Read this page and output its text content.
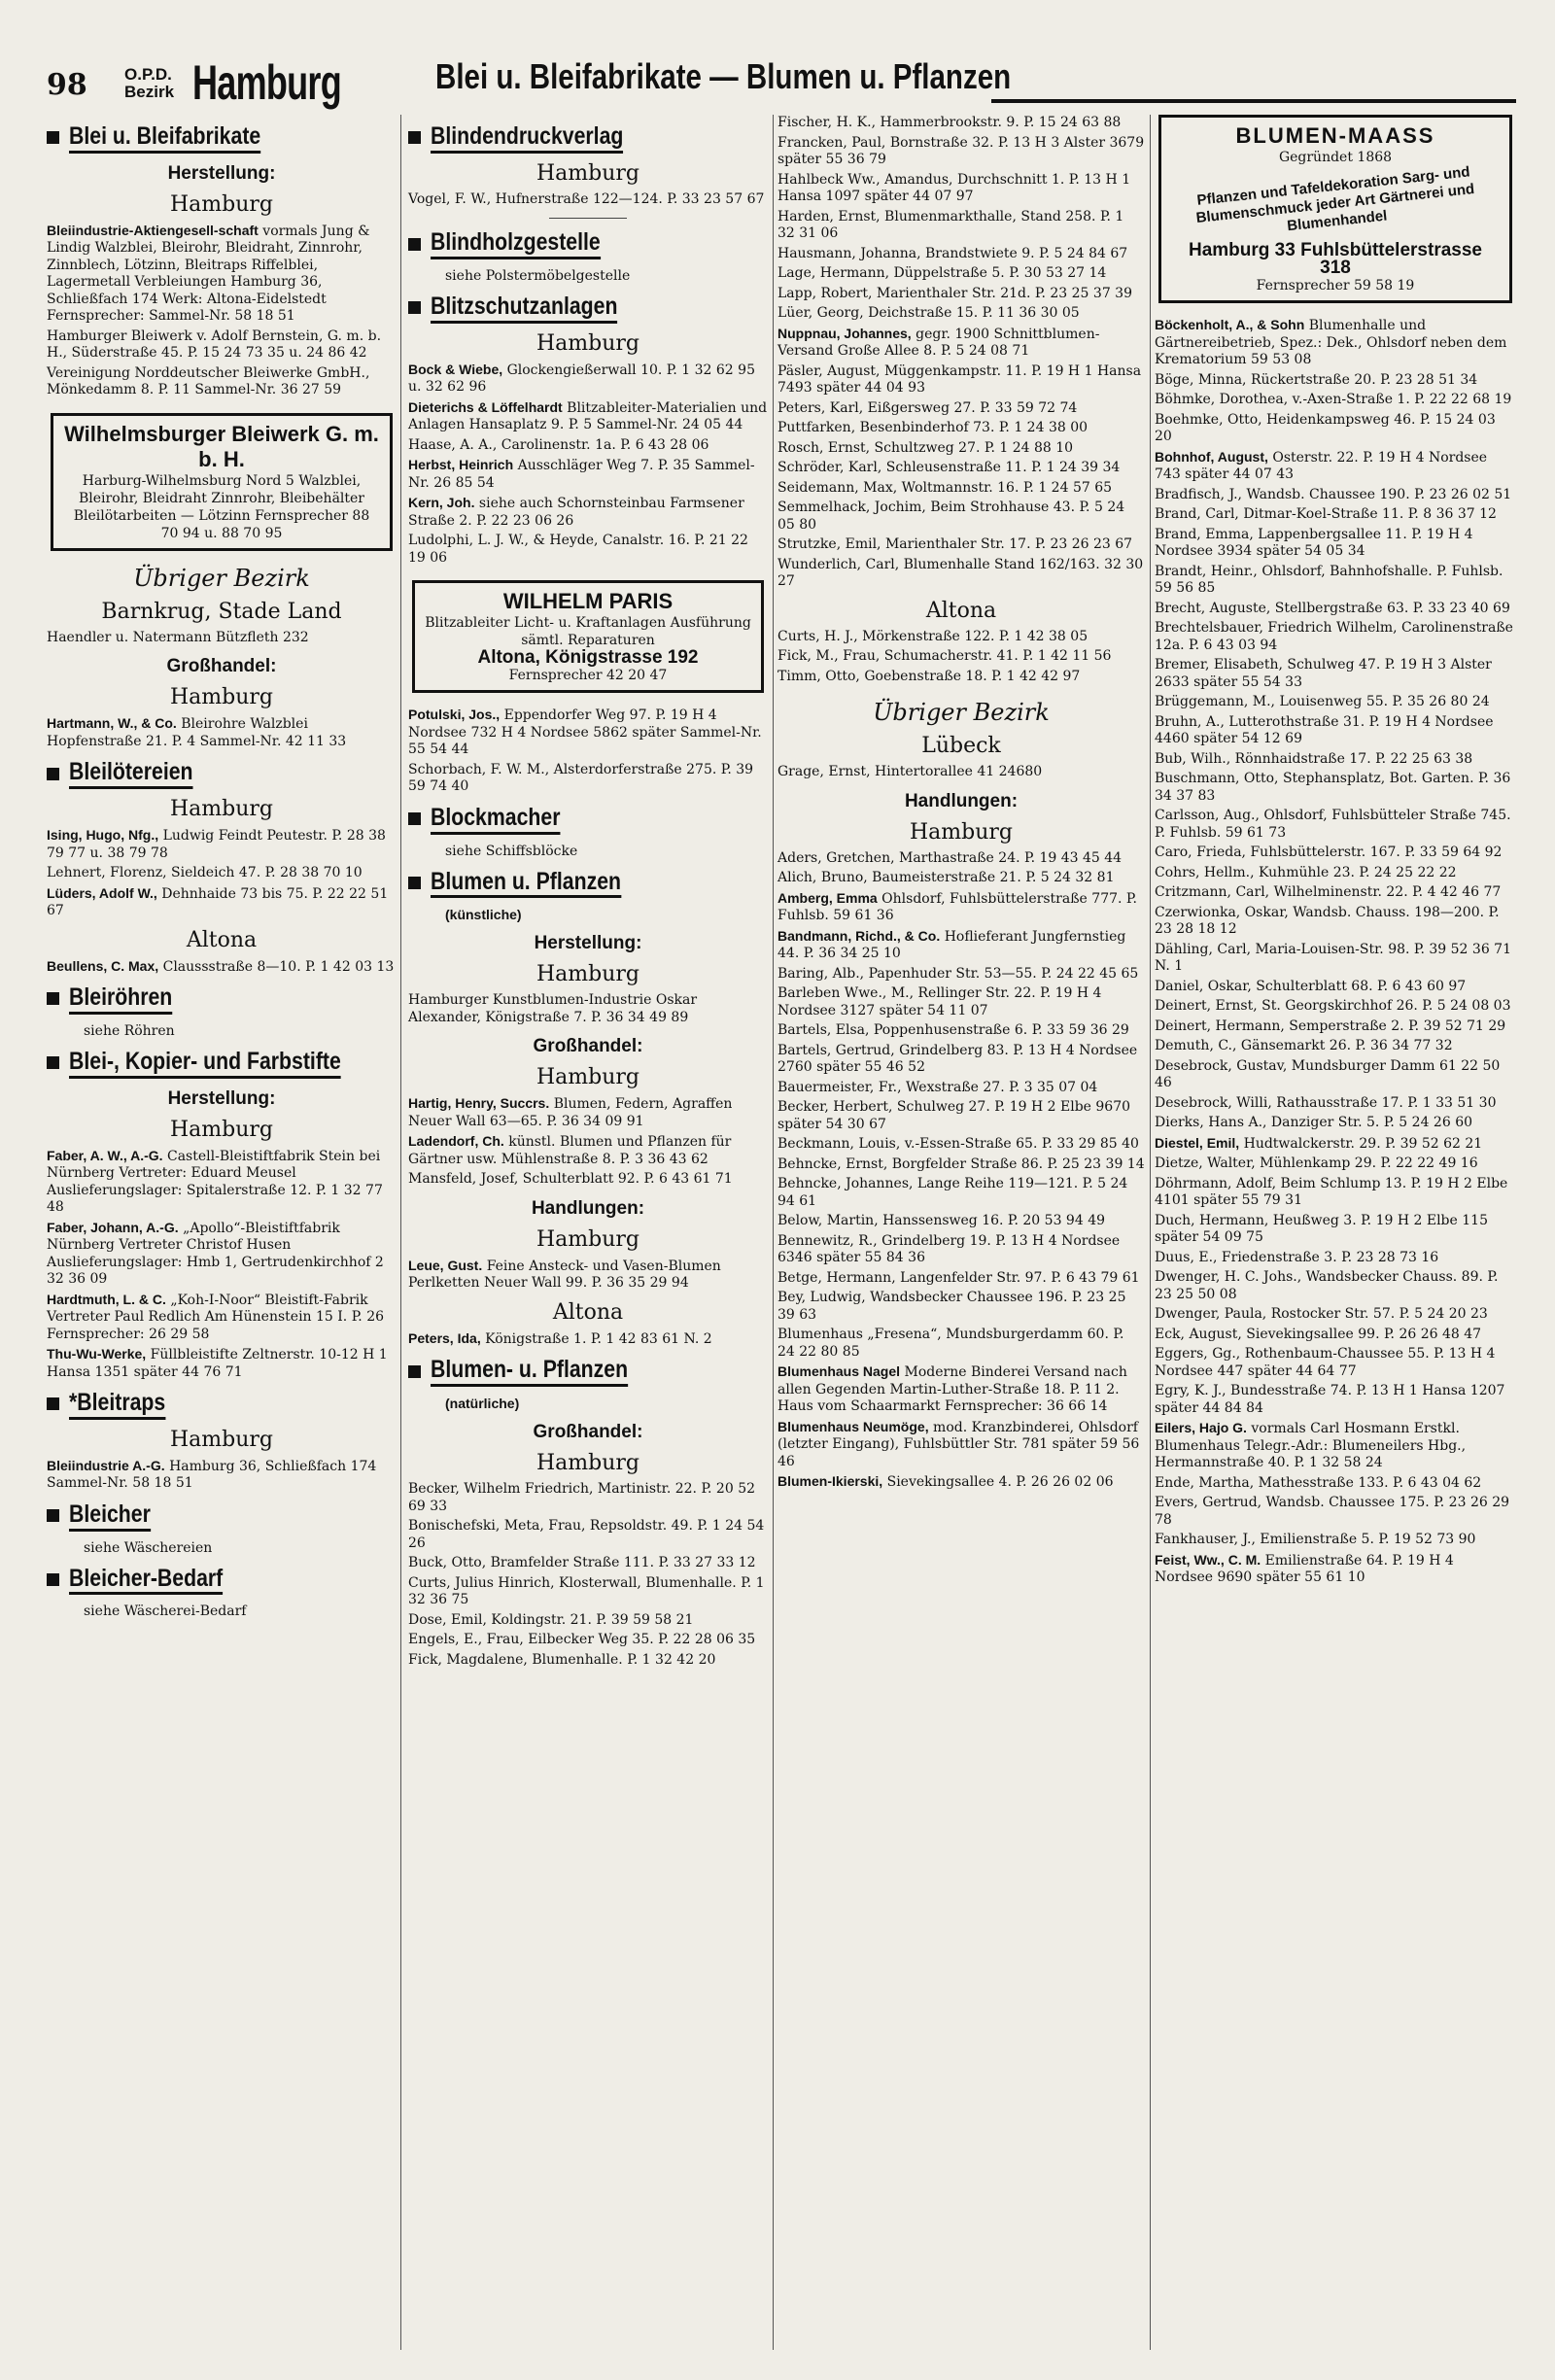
98 O.P.D.
Bezirk Hamburg	Blei u. Bleifabrikate — Blumen u. Pflanzen
Blei u. Bleifabrikate
Herstellung:
Hamburg
Bleiindustrie-Aktiengesell-schaft vormals Jung & Lindig Walzblei, Bleirohr, Bleidraht, Zinnrohr, Zinnblech, Lötzinn, Bleitraps Riffelblei, Lagermetall Verbleiungen Hamburg 36, Schließfach 174 Werk: Altona-Eidelstedt Fernsprecher: Sammel-Nr. 58 18 51
Hamburger Bleiwerk v. Adolf Bernstein, G. m. b. H., Süderstraße 45. P. 15 24 73 35 u. 24 86 42
Vereinigung Norddeutscher Bleiwerke GmbH., Mönkedamm 8. P. 11 Sammel-Nr. 36 27 59
Wilhelmsburger Bleiwerk G. m. b. H.
Harburg-Wilhelmsburg Nord 5 Walzblei, Bleirohr, Bleidraht Zinnrohr, Bleibehälter Bleilötarbeiten — Lötzinn Fernsprecher 88 70 94 u. 88 70 95
Übriger Bezirk
Barnkrug, Stade Land
Haendler u. Natermann Bützfleth 232
Großhandel:
Hamburg
Hartmann, W., & Co. Bleirohre Walzblei Hopfenstraße 21. P. 4 Sammel-Nr. 42 11 33
Bleilötereien
Hamburg
Ising, Hugo, Nfg., Ludwig Feindt Peutestr. P. 28 38 79 77 u. 38 79 78
Lehnert, Florenz, Sieldeich 47. P. 28 38 70 10
Lüders, Adolf W., Dehnhaide 73 bis 75. P. 22 22 51 67
Altona
Beullens, C. Max, Claussstraße 8—10. P. 1 42 03 13
Bleiröhren
siehe Röhren
Blei-, Kopier- und Farbstifte
Herstellung:
Hamburg
Faber, A. W., A.-G. Castell-Bleistiftfabrik Stein bei Nürnberg Vertreter: Eduard Meusel Auslieferungslager: Spitalerstraße 12. P. 1 32 77 48
Faber, Johann, A.-G. „Apollo“-Bleistiftfabrik Nürnberg Vertreter Christof Husen Auslieferungslager: Hmb 1, Gertrudenkirchhof 2 32 36 09
Hardtmuth, L. & C. „Koh-I-Noor“ Bleistift-Fabrik Vertreter Paul Redlich Am Hünenstein 15 I. P. 26 Fernsprecher: 26 29 58
Thu-Wu-Werke, Füllbleistifte Zeltnerstr. 10-12 H 1 Hansa 1351 später 44 76 71
*Bleitraps
Hamburg
Bleiindustrie A.-G. Hamburg 36, Schließfach 174 Sammel-Nr. 58 18 51
Bleicher
siehe Wäschereien
Bleicher-Bedarf
siehe Wäscherei-Bedarf
Blindendruckverlag
Hamburg
Vogel, F. W., Hufnerstraße 122—124. P. 33 23 57 67
Blindholzgestelle
siehe Polstermöbelgestelle
Blitzschutzanlagen
Hamburg
Bock & Wiebe, Glockengießerwall 10. P. 1 32 62 95 u. 32 62 96
Dieterichs & Löffelhardt Blitzableiter-Materialien und Anlagen Hansaplatz 9. P. 5 Sammel-Nr. 24 05 44
Haase, A. A., Carolinenstr. 1a. P. 6 43 28 06
Herbst, Heinrich Ausschläger Weg 7. P. 35 Sammel-Nr. 26 85 54
Kern, Joh. siehe auch Schornsteinbau Farmsener Straße 2. P. 22 23 06 26
Ludolphi, L. J. W., & Heyde, Canalstr. 16. P. 21 22 19 06
WILHELM PARIS
Blitzableiter Licht- u. Kraftanlagen Ausführung sämtl. Reparaturen
Altona, Königstrasse 192
Fernsprecher 42 20 47
Potulski, Jos., Eppendorfer Weg 97. P. 19 H 4 Nordsee 732 H 4 Nordsee 5862 später Sammel-Nr. 55 54 44
Schorbach, F. W. M., Alsterdorferstraße 275. P. 39 59 74 40
Blockmacher
siehe Schiffsblöcke
Blumen u. Pflanzen
(künstliche)
Herstellung:
Hamburg
Hamburger Kunstblumen-Industrie Oskar Alexander, Königstraße 7. P. 36 34 49 89
Großhandel:
Hamburg
Hartig, Henry, Succrs. Blumen, Federn, Agraffen Neuer Wall 63—65. P. 36 34 09 91
Ladendorf, Ch. künstl. Blumen und Pflanzen für Gärtner usw. Mühlenstraße 8. P. 3 36 43 62
Mansfeld, Josef, Schulterblatt 92. P. 6 43 61 71
Handlungen:
Hamburg
Leue, Gust. Feine Ansteck- und Vasen-Blumen Perlketten Neuer Wall 99. P. 36 35 29 94
Altona
Peters, Ida, Königstraße 1. P. 1 42 83 61 N. 2
Blumen- u. Pflanzen
(natürliche)
Großhandel:
Hamburg
Becker, Wilhelm Friedrich, Martinistr. 22. P. 20 52 69 33
Bonischefski, Meta, Frau, Repsoldstr. 49. P. 1 24 54 26
Buck, Otto, Bramfelder Straße 111. P. 33 27 33 12
Curts, Julius Hinrich, Klosterwall, Blumenhalle. P. 1 32 36 75
Dose, Emil, Koldingstr. 21. P. 39 59 58 21
Engels, E., Frau, Eilbecker Weg 35. P. 22 28 06 35
Fick, Magdalene, Blumenhalle. P. 1 32 42 20
Fischer, H. K., Hammerbrookstr. 9. P. 15 24 63 88
Francken, Paul, Bornstraße 32. P. 13 H 3 Alster 3679 später 55 36 79
Hahlbeck Ww., Amandus, Durchschnitt 1. P. 13 H 1 Hansa 1097 später 44 07 97
Harden, Ernst, Blumenmarkthalle, Stand 258. P. 1 32 31 06
Hausmann, Johanna, Brandstwiete 9. P. 5 24 84 67
Lage, Hermann, Düppelstraße 5. P. 30 53 27 14
Lapp, Robert, Marienthaler Str. 21d. P. 23 25 37 39
Lüer, Georg, Deichstraße 15. P. 11 36 30 05
Nuppnau, Johannes, gegr. 1900 Schnittblumen-Versand Große Allee 8. P. 5 24 08 71
Päsler, August, Müggenkampstr. 11. P. 19 H 1 Hansa 7493 später 44 04 93
Peters, Karl, Eißgersweg 27. P. 33 59 72 74
Puttfarken, Besenbinderhof 73. P. 1 24 38 00
Rosch, Ernst, Schultzweg 27. P. 1 24 88 10
Schröder, Karl, Schleusenstraße 11. P. 1 24 39 34
Seidemann, Max, Woltmannstr. 16. P. 1 24 57 65
Semmelhack, Jochim, Beim Strohhause 43. P. 5 24 05 80
Strutzke, Emil, Marienthaler Str. 17. P. 23 26 23 67
Wunderlich, Carl, Blumenhalle Stand 162/163. 32 30 27
Altona
Curts, H. J., Mörkenstraße 122. P. 1 42 38 05
Fick, M., Frau, Schumacherstr. 41. P. 1 42 11 56
Timm, Otto, Goebenstraße 18. P. 1 42 42 97
Übriger Bezirk
Lübeck
Grage, Ernst, Hintertorallee 41 24680
Handlungen:
Hamburg
Aders, Gretchen, Marthastraße 24. P. 19 43 45 44
Alich, Bruno, Baumeisterstraße 21. P. 5 24 32 81
Amberg, Emma Ohlsdorf, Fuhlsbüttelerstraße 777. P. Fuhlsb. 59 61 36
Bandmann, Richd., & Co. Hoflieferant Jungfernstieg 44. P. 36 34 25 10
Baring, Alb., Papenhuder Str. 53—55. P. 24 22 45 65
Barleben Wwe., M., Rellinger Str. 22. P. 19 H 4 Nordsee 3127 später 54 11 07
Bartels, Elsa, Poppenhusenstraße 6. P. 33 59 36 29
Bartels, Gertrud, Grindelberg 83. P. 13 H 4 Nordsee 2760 später 55 46 52
Bauermeister, Fr., Wexstraße 27. P. 3 35 07 04
Becker, Herbert, Schulweg 27. P. 19 H 2 Elbe 9670 später 54 30 67
Beckmann, Louis, v.-Essen-Straße 65. P. 33 29 85 40
Behncke, Ernst, Borgfelder Straße 86. P. 25 23 39 14
Behncke, Johannes, Lange Reihe 119—121. P. 5 24 94 61
Below, Martin, Hanssensweg 16. P. 20 53 94 49
Bennewitz, R., Grindelberg 19. P. 13 H 4 Nordsee 6346 später 55 84 36
Betge, Hermann, Langenfelder Str. 97. P. 6 43 79 61
Bey, Ludwig, Wandsbecker Chaussee 196. P. 23 25 39 63
Blumenhaus „Fresena“, Mundsburgerdamm 60. P. 24 22 80 85
Blumenhaus Nagel Moderne Binderei Versand nach allen Gegenden Martin-Luther-Straße 18. P. 11 2. Haus vom Schaarmarkt Fernsprecher: 36 66 14
Blumenhaus Neumöge, mod. Kranzbinderei, Ohlsdorf (letzter Eingang), Fuhlsbüttler Str. 781 später 59 56 46
Blumen-Ikierski, Sievekingsallee 4. P. 26 26 02 06
BLUMEN-MAASS
Gegründet 1868
Pflanzen und Tafeldekoration Sarg- und Blumenschmuck jeder Art Gärtnerei und Blumenhandel
Hamburg 33 Fuhlsbüttelerstrasse 318
Fernsprecher 59 58 19
Böckenholt, A., & Sohn Blumenhalle und Gärtnereibetrieb, Spez.: Dek., Ohlsdorf neben dem Krematorium 59 53 08
Böge, Minna, Rückertstraße 20. P. 23 28 51 34
Böhmke, Dorothea, v.-Axen-Straße 1. P. 22 22 68 19
Boehmke, Otto, Heidenkampsweg 46. P. 15 24 03 20
Bohnhof, August, Osterstr. 22. P. 19 H 4 Nordsee 743 später 44 07 43
Bradfisch, J., Wandsb. Chaussee 190. P. 23 26 02 51
Brand, Carl, Ditmar-Koel-Straße 11. P. 8 36 37 12
Brand, Emma, Lappenbergsallee 11. P. 19 H 4 Nordsee 3934 später 54 05 34
Brandt, Heinr., Ohlsdorf, Bahnhofshalle. P. Fuhlsb. 59 56 85
Brecht, Auguste, Stellbergstraße 63. P. 33 23 40 69
Brechtelsbauer, Friedrich Wilhelm, Carolinenstraße 12a. P. 6 43 03 94
Bremer, Elisabeth, Schulweg 47. P. 19 H 3 Alster 2633 später 55 54 33
Brüggemann, M., Louisenweg 55. P. 35 26 80 24
Bruhn, A., Lutterothstraße 31. P. 19 H 4 Nordsee 4460 später 54 12 69
Bub, Wilh., Rönnhaidstraße 17. P. 22 25 63 38
Buschmann, Otto, Stephansplatz, Bot. Garten. P. 36 34 37 83
Carlsson, Aug., Ohlsdorf, Fuhlsbütteler Straße 745. P. Fuhlsb. 59 61 73
Caro, Frieda, Fuhlsbüttelerstr. 167. P. 33 59 64 92
Cohrs, Hellm., Kuhmühle 23. P. 24 25 22 22
Critzmann, Carl, Wilhelminenstr. 22. P. 4 42 46 77
Czerwionka, Oskar, Wandsb. Chauss. 198—200. P. 23 28 18 12
Dähling, Carl, Maria-Louisen-Str. 98. P. 39 52 36 71 N. 1
Daniel, Oskar, Schulterblatt 68. P. 6 43 60 97
Deinert, Ernst, St. Georgskirchhof 26. P. 5 24 08 03
Deinert, Hermann, Semperstraße 2. P. 39 52 71 29
Demuth, C., Gänsemarkt 26. P. 36 34 77 32
Desebrock, Gustav, Mundsburger Damm 61 22 50 46
Desebrock, Willi, Rathausstraße 17. P. 1 33 51 30
Dierks, Hans A., Danziger Str. 5. P. 5 24 26 60
Diestel, Emil, Hudtwalckerstr. 29. P. 39 52 62 21
Dietze, Walter, Mühlenkamp 29. P. 22 22 49 16
Döhrmann, Adolf, Beim Schlump 13. P. 19 H 2 Elbe 4101 später 55 79 31
Duch, Hermann, Heußweg 3. P. 19 H 2 Elbe 115 später 54 09 75
Duus, E., Friedenstraße 3. P. 23 28 73 16
Dwenger, H. C. Johs., Wandsbecker Chauss. 89. P. 23 25 50 08
Dwenger, Paula, Rostocker Str. 57. P. 5 24 20 23
Eck, August, Sievekingsallee 99. P. 26 26 48 47
Eggers, Gg., Rothenbaum-Chaussee 55. P. 13 H 4 Nordsee 447 später 44 64 77
Egry, K. J., Bundesstraße 74. P. 13 H 1 Hansa 1207 später 44 84 84
Eilers, Hajo G. vormals Carl Hosmann Erstkl. Blumenhaus Telegr.-Adr.: Blumeneilers Hbg., Hermannstraße 40. P. 1 32 58 24
Ende, Martha, Mathesstraße 133. P. 6 43 04 62
Evers, Gertrud, Wandsb. Chaussee 175. P. 23 26 29 78
Fankhauser, J., Emilienstraße 5. P. 19 52 73 90
Feist, Ww., C. M. Emilienstraße 64. P. 19 H 4 Nordsee 9690 später 55 61 10
